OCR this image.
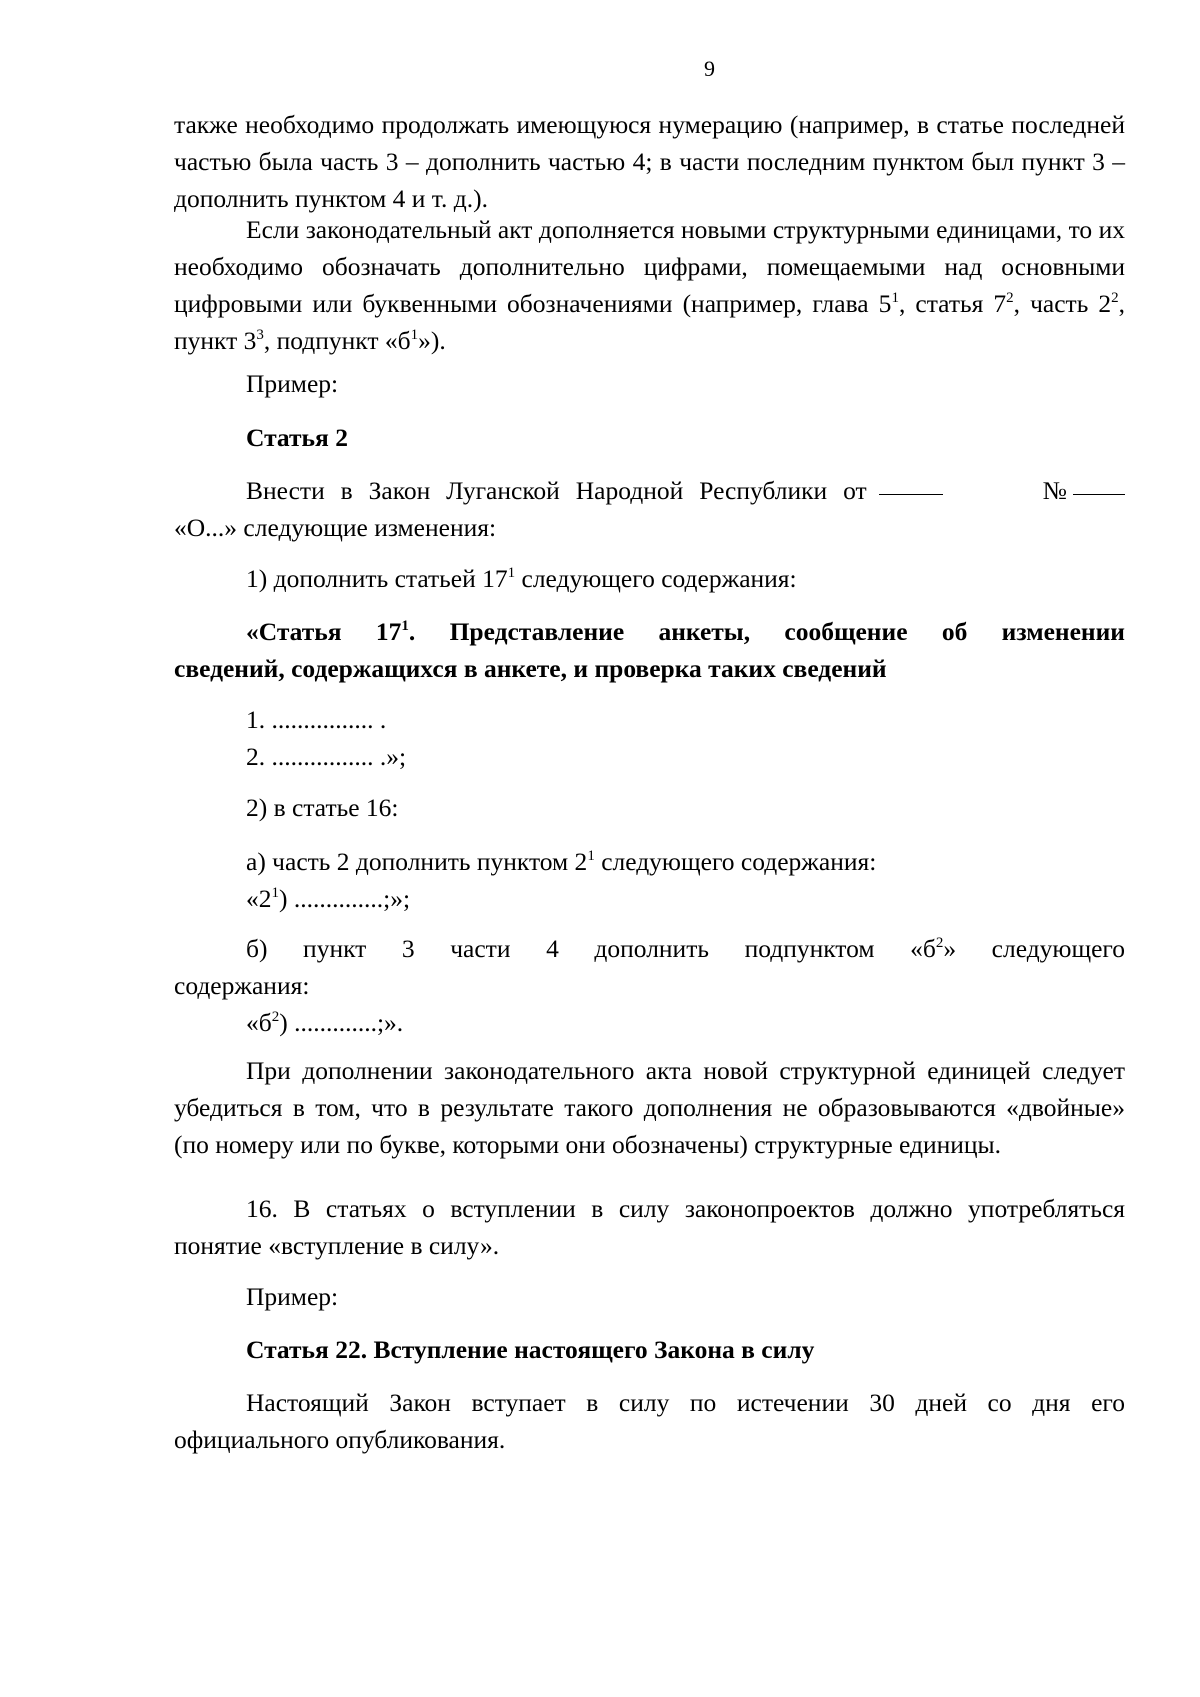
9

также необходимо продолжать имеющуюся нумерацию (например, в статье последней частью была часть 3 – дополнить частью 4; в части последним пунктом был пункт 3 – дополнить пунктом 4 и т. д.).

Если законодательный акт дополняется новыми структурными единицами, то их необходимо обозначать дополнительно цифрами, помещаемыми над основными цифровыми или буквенными обозначениями (например, глава $5^1$, статья $7^2$, часть $2^2$, пункт $3^3$, подпункт «$б^1$»).

Пример:

Статья 2

Внести в Закон Луганской Народной Республики от	№

«О...» следующие изменения:

1) дополнить статьей $17^1$ следующего содержания:

«Статья $17^1$. Представление анкеты, сообщение об изменении

сведений, содержащихся в анкете, и проверка таких сведений

1. ................ .

2. ................ .»;

2) в статье 16:

а) часть 2 дополнить пунктом $2^1$ следующего содержания:

«$2^1$) ..............;»;

б) пункт 3 части 4 дополнить подпунктом «$б^2$» следующего

содержания:

«$б^2$) .............;».

При дополнении законодательного акта новой структурной единицей следует убедиться в том, что в результате такого дополнения не образовываются «двойные» (по номеру или по букве, которыми они обозначены) структурные единицы.

16. В статьях о вступлении в силу законопроектов должно употребляться понятие «вступление в силу».

Пример:

Статья 22. Вступление настоящего Закона в силу

Настоящий Закон вступает в силу по истечении 30 дней со дня его официального опубликования.
